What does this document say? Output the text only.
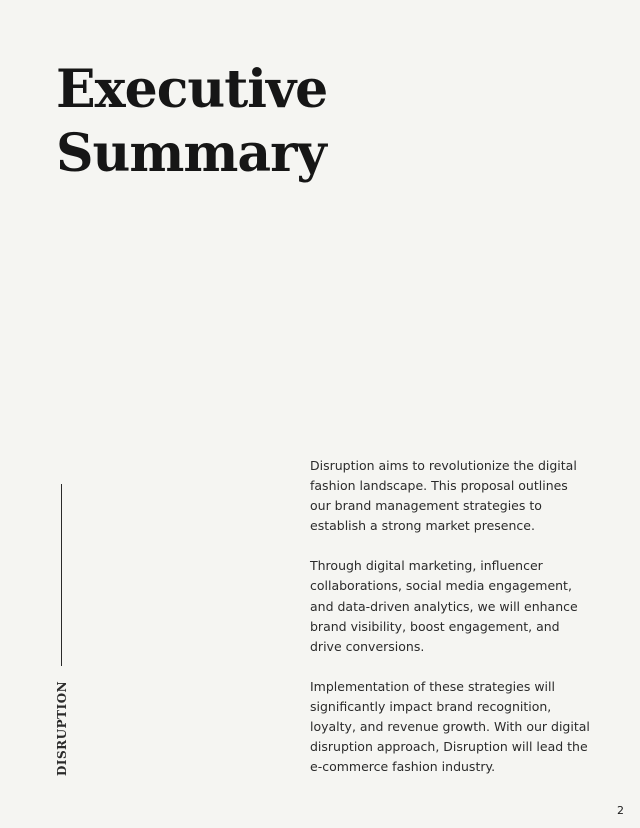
Executive
Summary
DISRUPTION

Disruption aims to revolutionize the digital fashion landscape. This proposal outlines our brand management strategies to establish a strong market presence.

Through digital marketing, influencer collaborations, social media engagement, and data-driven analytics, we will enhance brand visibility, boost engagement, and drive conversions.

Implementation of these strategies will significantly impact brand recognition, loyalty, and revenue growth. With our digital disruption approach, Disruption will lead the e-commerce fashion industry.

2
